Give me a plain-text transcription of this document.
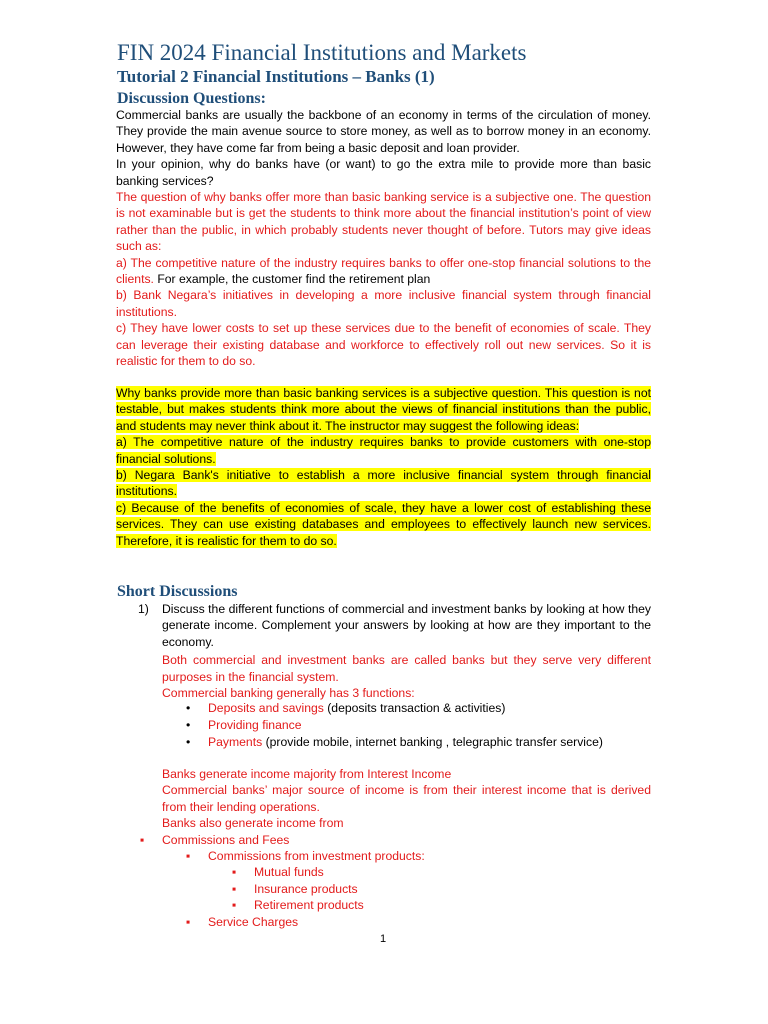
FIN 2024 Financial Institutions and Markets
Tutorial 2 Financial Institutions – Banks (1)
Discussion Questions:

Commercial banks are usually the backbone of an economy in terms of the circulation of money. They provide the main avenue source to store money, as well as to borrow money in an economy. However, they have come far from being a basic deposit and loan provider.

In your opinion, why do banks have (or want) to go the extra mile to provide more than basic banking services?

The question of why banks offer more than basic banking service is a subjective one. The question is not examinable but is get the students to think more about the financial institution’s point of view rather than the public, in which probably students never thought of before. Tutors may give ideas such as:

a) The competitive nature of the industry requires banks to offer one-stop financial solutions to the clients. For example, the customer find the retirement plan

b) Bank Negara’s initiatives in developing a more inclusive financial system through financial institutions.

c) They have lower costs to set up these services due to the benefit of economies of scale. They can leverage their existing database and workforce to effectively roll out new services. So it is realistic for them to do so.

Why banks provide more than basic banking services is a subjective question. This question is not testable, but makes students think more about the views of financial institutions than the public, and students may never think about it. The instructor may suggest the following ideas:

a) The competitive nature of the industry requires banks to provide customers with one-stop financial solutions.

b) Negara Bank's initiative to establish a more inclusive financial system through financial institutions.

c) Because of the benefits of economies of scale, they have a lower cost of establishing these services. They can use existing databases and employees to effectively launch new services. Therefore, it is realistic for them to do so.

Short Discussions
1) Discuss the different functions of commercial and investment banks by looking at how they generate income. Complement your answers by looking at how are they important to the economy.

Both commercial and investment banks are called banks but they serve very different purposes in the financial system.

Commercial banking generally has 3 functions:

• Deposits and savings (deposits transaction & activities)
• Providing finance
• Payments (provide mobile, internet banking , telegraphic transfer service)

Banks generate income majority from Interest Income

Commercial banks’ major source of income is from their interest income that is derived from their lending operations.

Banks also generate income from

▪ Commissions and Fees
▪ Commissions from investment products:
▪ Mutual funds
▪ Insurance products
▪ Retirement products
▪ Service Charges
1
